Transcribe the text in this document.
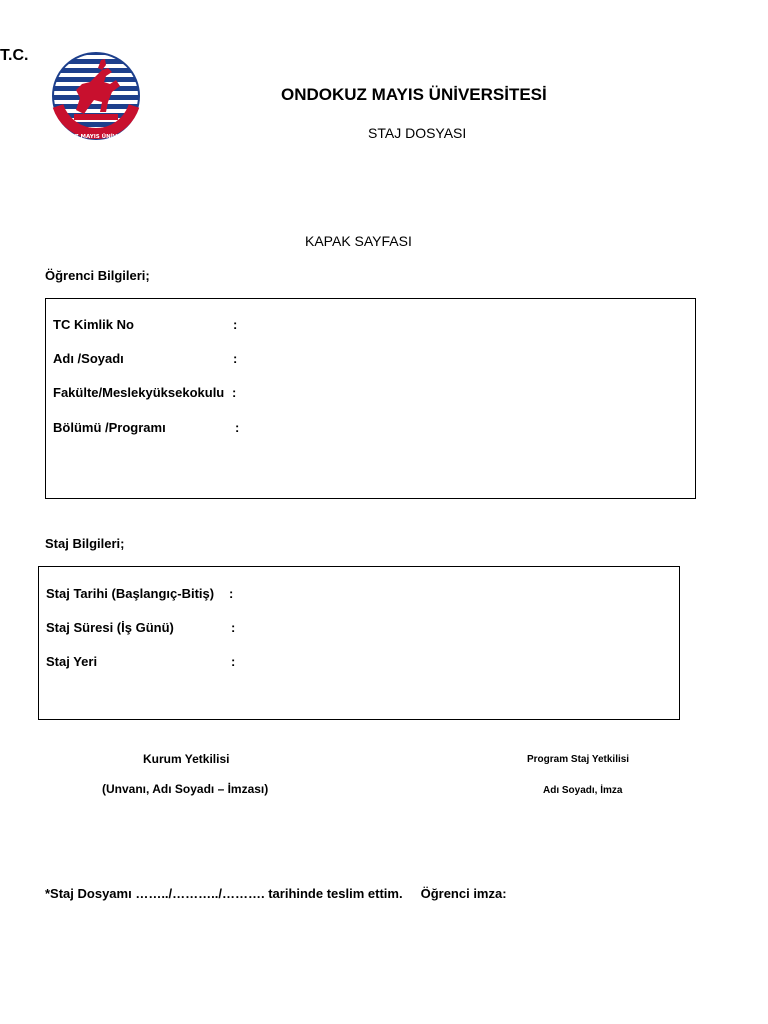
T.C.
ONDOKUZ MAYIS ÜNİVERSİTESİ
ONDOKUZ MAYIS ÜNİVERSİTESİ
STAJ DOSYASI
KAPAK SAYFASI
Öğrenci Bilgileri;
TC Kimlik No	:
Adı /Soyadı	:
Fakülte/Meslekyüksekokulu :
Bölümü /Programı	:
Staj Bilgileri;
Staj Tarihi (Başlangıç-Bitiş) :
Staj Süresi (İş Günü)	:
Staj Yeri	:
Kurum Yetkilisi
(Unvanı, Adı Soyadı – İmzası)
Program Staj Yetkilisi
Adı Soyadı, İmza
*Staj Dosyamı ……../………../………. tarihinde teslim ettim. Öğrenci imza:
